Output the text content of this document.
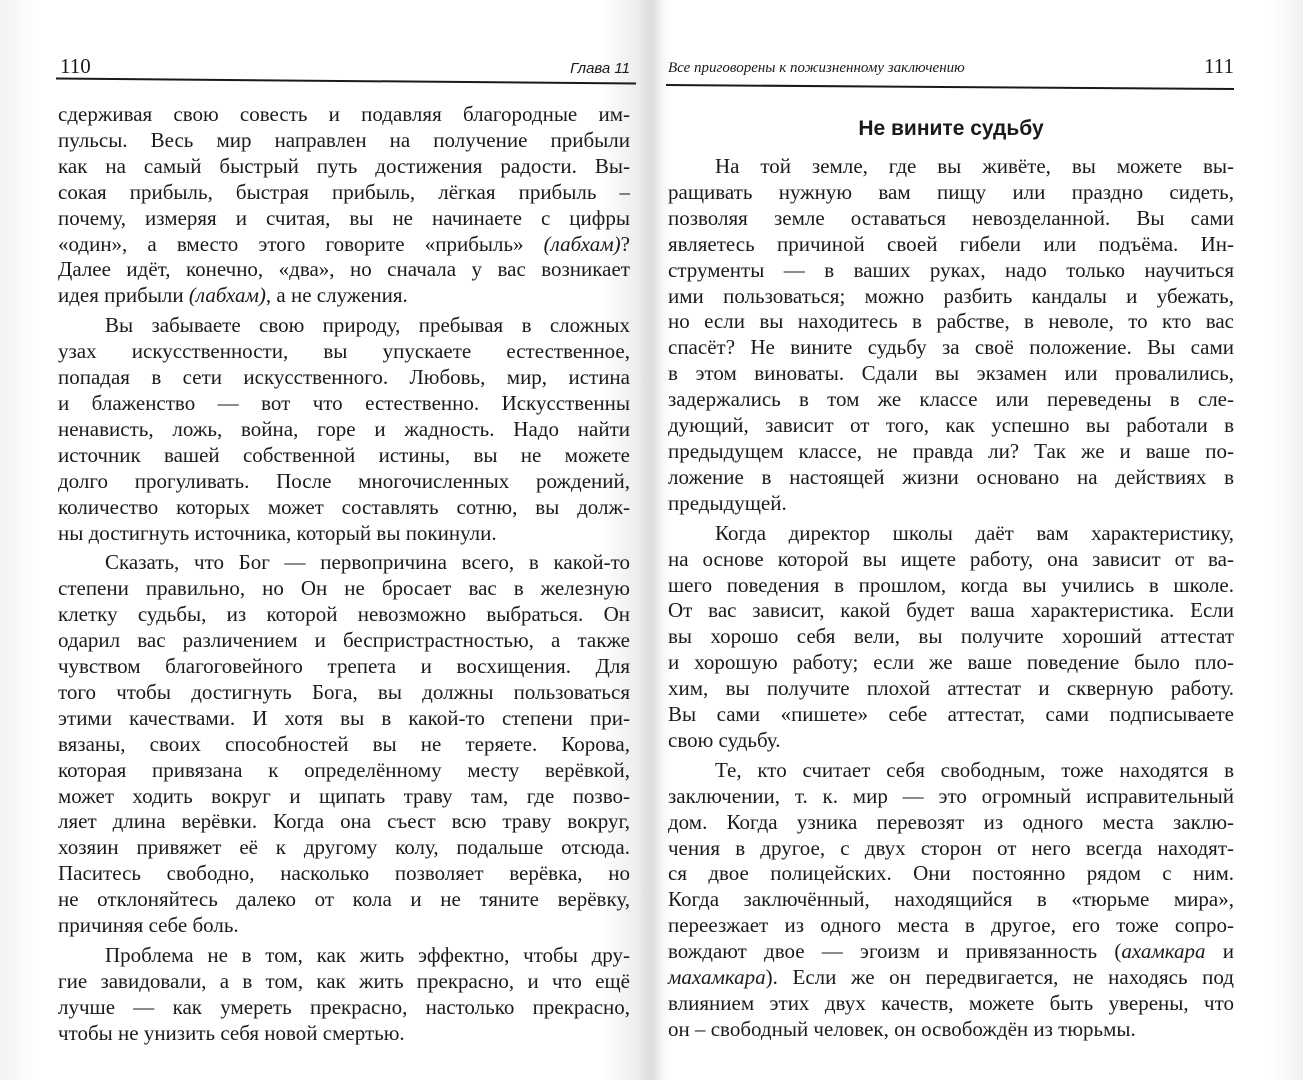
110	Глава 11

сдерживая свою совесть и подавляя благородные им-
пульсы. Весь мир направлен на получение прибыли
как на самый быстрый путь достижения радости. Вы-
сокая прибыль, быстрая прибыль, лёгкая прибыль –
почему, измеряя и считая, вы не начинаете с цифры
«один», а вместо этого говорите «прибыль» (лабхам)?
Далее идёт, конечно, «два», но сначала у вас возникает
идея прибыли (лабхам), а не служения.

Вы забываете свою природу, пребывая в сложных
узах искусственности, вы упускаете естественное,
попадая в сети искусственного. Любовь, мир, истина
и блаженство — вот что естественно. Искусственны
ненависть, ложь, война, горе и жадность. Надо найти
источник вашей собственной истины, вы не можете
долго прогуливать. После многочисленных рождений,
количество которых может составлять сотню, вы долж-
ны достигнуть источника, который вы покинули.

Сказать, что Бог — первопричина всего, в какой-то
степени правильно, но Он не бросает вас в железную
клетку судьбы, из которой невозможно выбраться. Он
одарил вас различением и беспристрастностью, а также
чувством благоговейного трепета и восхищения. Для
того чтобы достигнуть Бога, вы должны пользоваться
этими качествами. И хотя вы в какой-то степени при-
вязаны, своих способностей вы не теряете. Корова,
которая привязана к определённому месту верёвкой,
может ходить вокруг и щипать траву там, где позво-
ляет длина верёвки. Когда она съест всю траву вокруг,
хозяин привяжет её к другому колу, подальше отсюда.
Паситесь свободно, насколько позволяет верёвка, но
не отклоняйтесь далеко от кола и не тяните верёвку,
причиняя себе боль.

Проблема не в том, как жить эффектно, чтобы дру-
гие завидовали, а в том, как жить прекрасно, и что ещё
лучше — как умереть прекрасно, настолько прекрасно,
чтобы не унизить себя новой смертью.

Все приговорены к пожизненному заключению	111
Не вините судьбу

На той земле, где вы живёте, вы можете вы-
ращивать нужную вам пищу или праздно сидеть,
позволяя земле оставаться невозделанной. Вы сами
являетесь причиной своей гибели или подъёма. Ин-
струменты — в ваших руках, надо только научиться
ими пользоваться; можно разбить кандалы и убежать,
но если вы находитесь в рабстве, в неволе, то кто вас
спасёт? Не вините судьбу за своё положение. Вы сами
в этом виноваты. Сдали вы экзамен или провалились,
задержались в том же классе или переведены в сле-
дующий, зависит от того, как успешно вы работали в
предыдущем классе, не правда ли? Так же и ваше по-
ложение в настоящей жизни основано на действиях в
предыдущей.

Когда директор школы даёт вам характеристику,
на основе которой вы ищете работу, она зависит от ва-
шего поведения в прошлом, когда вы учились в школе.
От вас зависит, какой будет ваша характеристика. Если
вы хорошо себя вели, вы получите хороший аттестат
и хорошую работу; если же ваше поведение было пло-
хим, вы получите плохой аттестат и скверную работу.
Вы сами «пишете» себе аттестат, сами подписываете
свою судьбу.

Те, кто считает себя свободным, тоже находятся в
заключении, т. к. мир — это огромный исправительный
дом. Когда узника перевозят из одного места заклю-
чения в другое, с двух сторон от него всегда находят-
ся двое полицейских. Они постоянно рядом с ним.
Когда заключённый, находящийся в «тюрьме мира»,
переезжает из одного места в другое, его тоже сопро-
вождают двое — эгоизм и привязанность (ахамкара и
махамкара). Если же он передвигается, не находясь под
влиянием этих двух качеств, можете быть уверены, что
он – свободный человек, он освобождён из тюрьмы.
